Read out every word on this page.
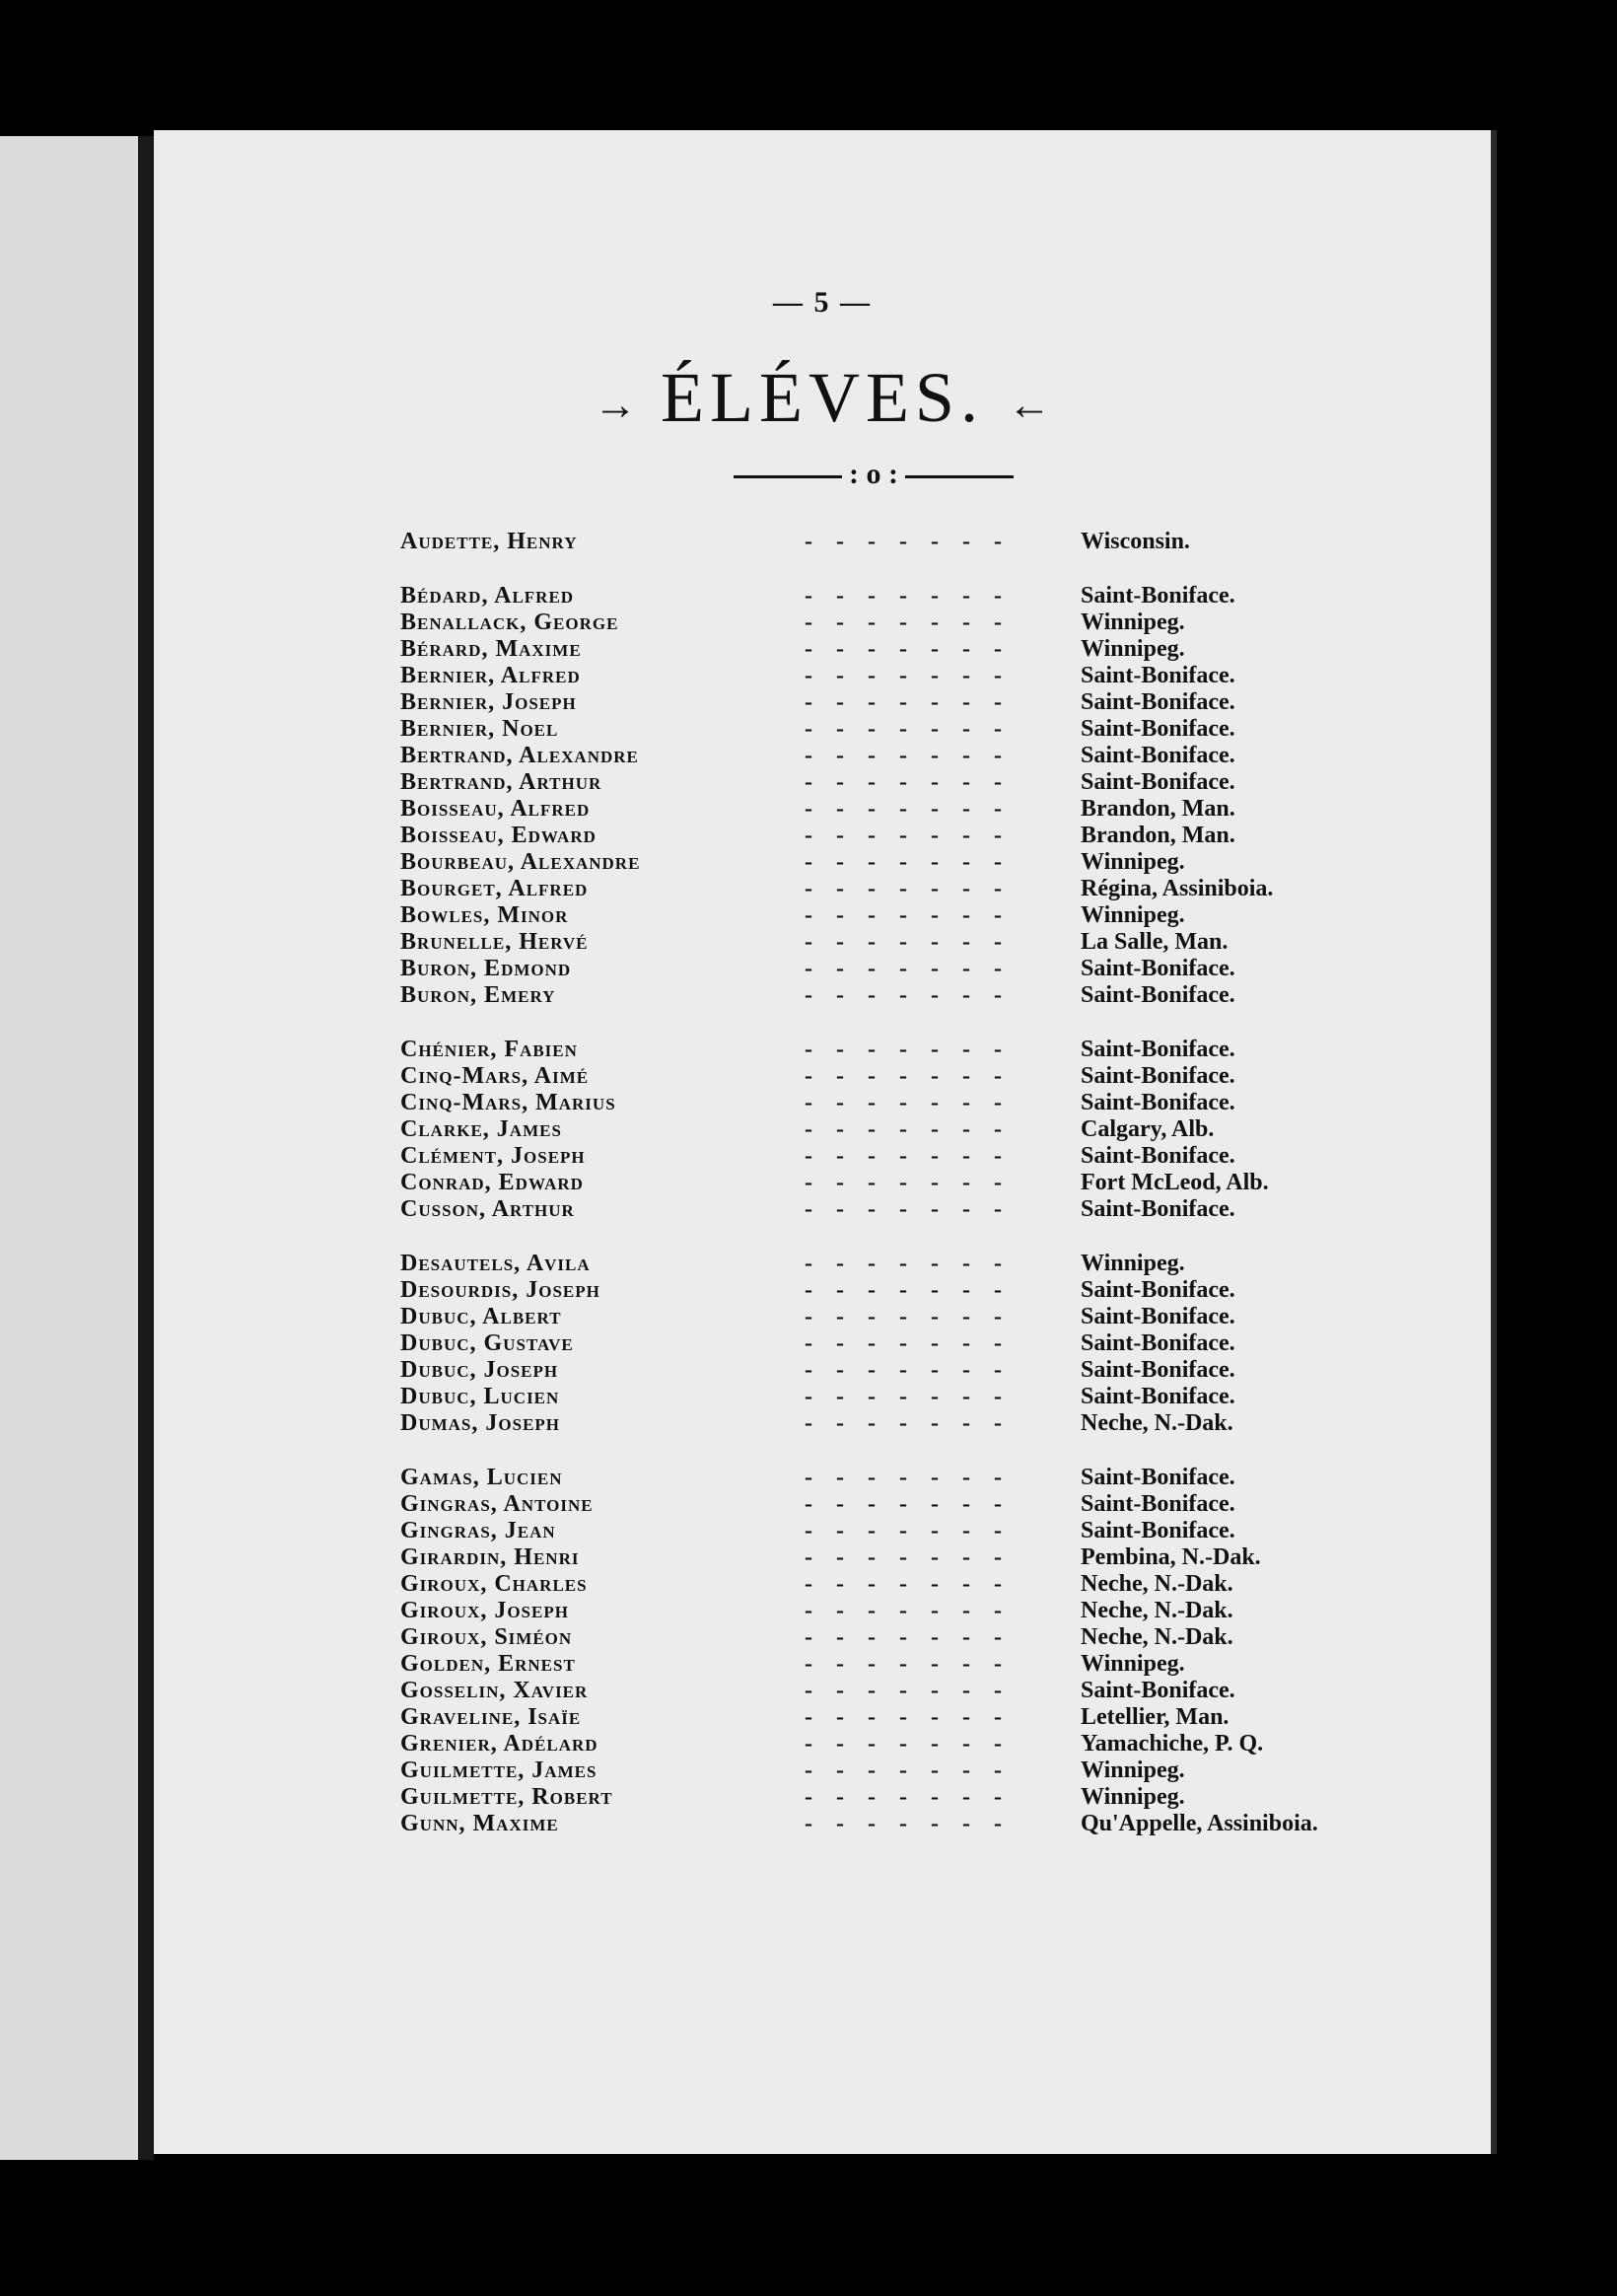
— 5 —
→ ÉLÉVES. ←
: o :
Audette, Henry	- - - - - - -	Wisconsin.
Bédard, Alfred	- - - - - - -	Saint-Boniface.
Benallack, George	- - - - - - -	Winnipeg.
Bérard, Maxime	- - - - - - -	Winnipeg.
Bernier, Alfred	- - - - - - -	Saint-Boniface.
Bernier, Joseph	- - - - - - -	Saint-Boniface.
Bernier, Noel	- - - - - - -	Saint-Boniface.
Bertrand, Alexandre	- - - - - - -	Saint-Boniface.
Bertrand, Arthur	- - - - - - -	Saint-Boniface.
Boisseau, Alfred	- - - - - - -	Brandon, Man.
Boisseau, Edward	- - - - - - -	Brandon, Man.
Bourbeau, Alexandre	- - - - - - -	Winnipeg.
Bourget, Alfred	- - - - - - -	Régina, Assiniboia.
Bowles, Minor	- - - - - - -	Winnipeg.
Brunelle, Hervé	- - - - - - -	La Salle, Man.
Buron, Edmond	- - - - - - -	Saint-Boniface.
Buron, Emery	- - - - - - -	Saint-Boniface.
Chénier, Fabien	- - - - - - -	Saint-Boniface.
Cinq-Mars, Aimé	- - - - - - -	Saint-Boniface.
Cinq-Mars, Marius	- - - - - - -	Saint-Boniface.
Clarke, James	- - - - - - -	Calgary, Alb.
Clément, Joseph	- - - - - - -	Saint-Boniface.
Conrad, Edward	- - - - - - -	Fort McLeod, Alb.
Cusson, Arthur	- - - - - - -	Saint-Boniface.
Desautels, Avila	- - - - - - -	Winnipeg.
Desourdis, Joseph	- - - - - - -	Saint-Boniface.
Dubuc, Albert	- - - - - - -	Saint-Boniface.
Dubuc, Gustave	- - - - - - -	Saint-Boniface.
Dubuc, Joseph	- - - - - - -	Saint-Boniface.
Dubuc, Lucien	- - - - - - -	Saint-Boniface.
Dumas, Joseph	- - - - - - -	Neche, N.-Dak.
Gamas, Lucien	- - - - - - -	Saint-Boniface.
Gingras, Antoine	- - - - - - -	Saint-Boniface.
Gingras, Jean	- - - - - - -	Saint-Boniface.
Girardin, Henri	- - - - - - -	Pembina, N.-Dak.
Giroux, Charles	- - - - - - -	Neche, N.-Dak.
Giroux, Joseph	- - - - - - -	Neche, N.-Dak.
Giroux, Siméon	- - - - - - -	Neche, N.-Dak.
Golden, Ernest	- - - - - - -	Winnipeg.
Gosselin, Xavier	- - - - - - -	Saint-Boniface.
Graveline, Isaïe	- - - - - - -	Letellier, Man.
Grenier, Adélard	- - - - - - -	Yamachiche, P. Q.
Guilmette, James	- - - - - - -	Winnipeg.
Guilmette, Robert	- - - - - - -	Winnipeg.
Gunn, Maxime	- - - - - - -	Qu'Appelle, Assiniboia.
